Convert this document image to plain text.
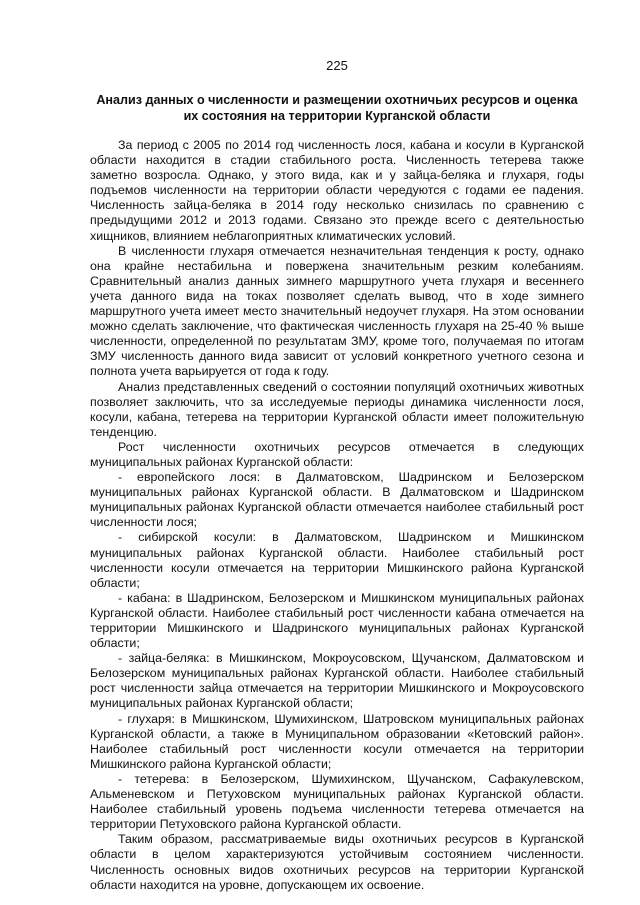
225
Анализ данных о численности и размещении охотничьих ресурсов и оценка их состояния на территории Курганской области

За период с 2005 по 2014 год численность лося, кабана и косули в Курганской области находится в стадии стабильного роста. Численность тетерева также заметно возросла. Однако, у этого вида, как и у зайца-беляка и глухаря, годы подъемов численности на территории области чередуются с годами ее падения. Численность зайца-беляка в 2014 году несколько снизилась по сравнению с предыдущими 2012 и 2013 годами. Связано это прежде всего с деятельностью хищников, влиянием неблагоприятных климатических условий.

В численности глухаря отмечается незначительная тенденция к росту, однако она крайне нестабильна и повержена значительным резким колебаниям. Сравнительный анализ данных зимнего маршрутного учета глухаря и весеннего учета данного вида на токах позволяет сделать вывод, что в ходе зимнего маршрутного учета имеет место значительный недоучет глухаря. На этом основании можно сделать заключение, что фактическая численность глухаря на 25-40 % выше численности, определенной по результатам ЗМУ, кроме того, получаемая по итогам ЗМУ численность данного вида зависит от условий конкретного учетного сезона и полнота учета варьируется от года к году.

Анализ представленных сведений о состоянии популяций охотничьих животных позволяет заключить, что за исследуемые периоды динамика численности лося, косули, кабана, тетерева на территории Курганской области имеет положительную тенденцию.

Рост численности охотничьих ресурсов отмечается в следующих муниципальных районах Курганской области:

- европейского лося: в Далматовском, Шадринском и Белозерском муниципальных районах Курганской области. В Далматовском и Шадринском муниципальных районах Курганской области отмечается наиболее стабильный рост численности лося;

- сибирской косули: в Далматовском, Шадринском и Мишкинском муниципальных районах Курганской области. Наиболее стабильный рост численности косули отмечается на территории Мишкинского района Курганской области;

- кабана: в Шадринском, Белозерском и Мишкинском муниципальных районах Курганской области. Наиболее стабильный рост численности кабана отмечается на территории Мишкинского и Шадринского муниципальных районах Курганской области;

- зайца-беляка: в Мишкинском, Мокроусовском, Щучанском, Далматовском и Белозерском муниципальных районах Курганской области. Наиболее стабильный рост численности зайца отмечается на территории Мишкинского и Мокроусовского муниципальных районах Курганской области;

- глухаря: в Мишкинском, Шумихинском, Шатровском муниципальных районах Курганской области, а также в Муниципальном образовании «Кетовский район». Наиболее стабильный рост численности косули отмечается на территории Мишкинского района Курганской области;

- тетерева: в Белозерском, Шумихинском, Щучанском, Сафакулевском, Альменевском и Петуховском муниципальных районах Курганской области. Наиболее стабильный уровень подъема численности тетерева отмечается на территории Петуховского района Курганской области.

Таким образом, рассматриваемые виды охотничьих ресурсов в Курганской области в целом характеризуются устойчивым состоянием численности. Численность основных видов охотничьих ресурсов на территории Курганской области находится на уровне, допускающем их освоение.
